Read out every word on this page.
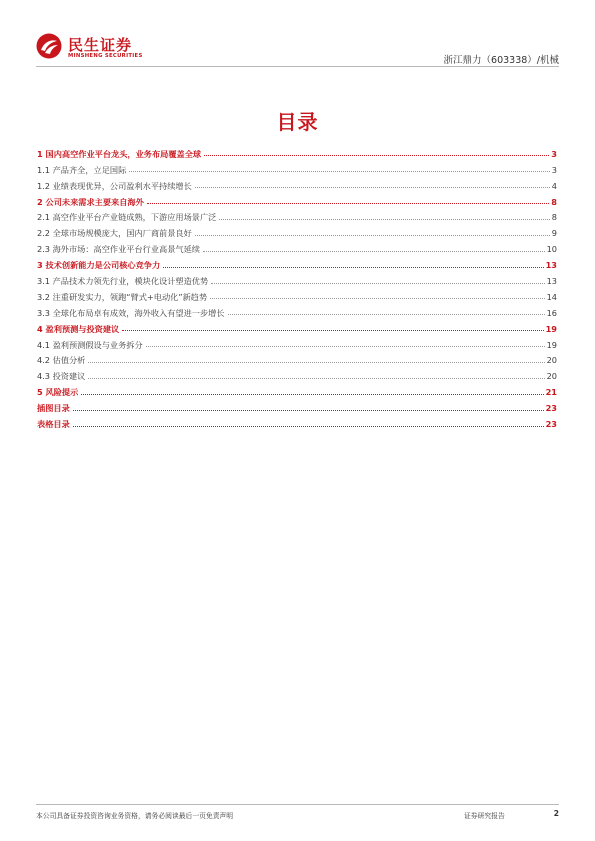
民生证券
MINSHENG SECURITIES	浙江鼎力（603338）/机械
目录
1 国内高空作业平台龙头，业务布局覆盖全球	3
1.1 产品齐全，立足国际	3
1.2 业绩表现优异，公司盈利水平持续增长	4
2 公司未来需求主要来自海外	8
2.1 高空作业平台产业链成熟，下游应用场景广泛	8
2.2 全球市场规模庞大，国内厂商前景良好	9
2.3 海外市场：高空作业平台行业高景气延续	10
3 技术创新能力是公司核心竞争力	13
3.1 产品技术力领先行业，模块化设计塑造优势	13
3.2 注重研发实力，领跑“臂式+电动化”新趋势	14
3.3 全球化布局卓有成效，海外收入有望进一步增长	16
4 盈利预测与投资建议	19
4.1 盈利预测假设与业务拆分	19
4.2 估值分析	20
4.3 投资建议	20
5 风险提示	21
插图目录	23
表格目录	23
本公司具备证券投资咨询业务资格，请务必阅读最后一页免责声明	证券研究报告	2
